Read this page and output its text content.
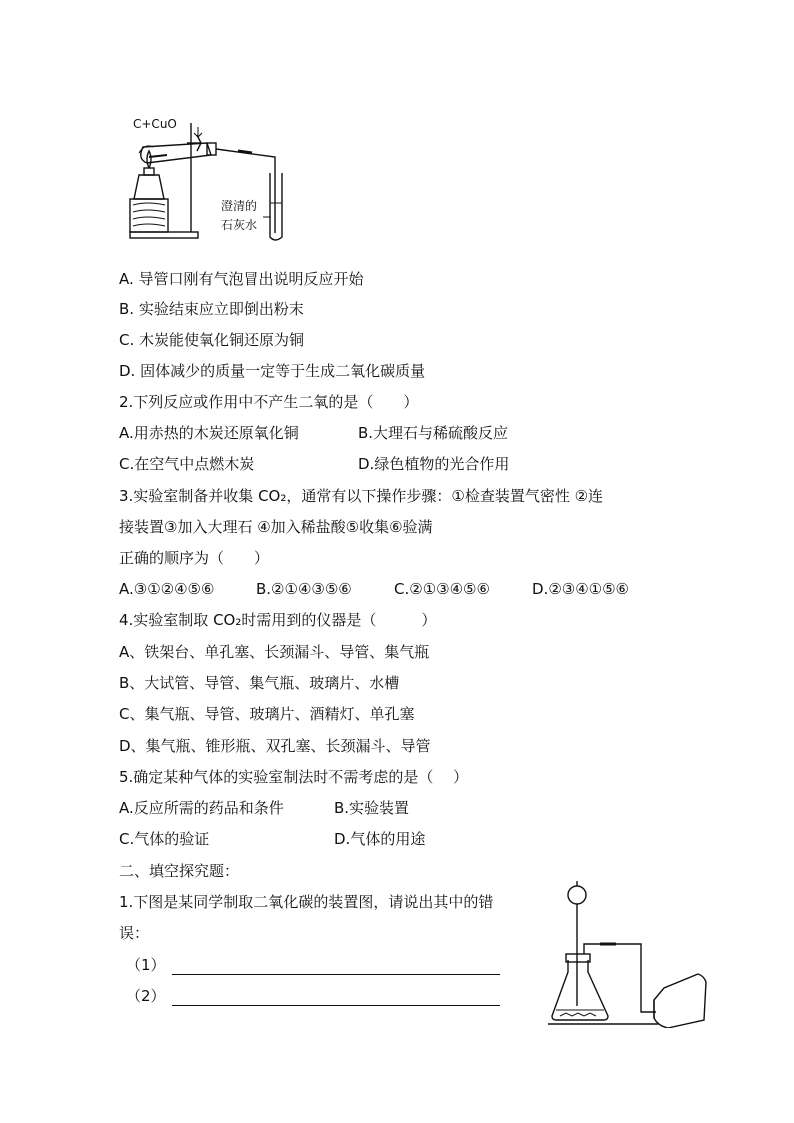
C+CuO
澄清的
石灰水
A. 导管口刚有气泡冒出说明反应开始
B. 实验结束应立即倒出粉末
C. 木炭能使氧化铜还原为铜
D. 固体减少的质量一定等于生成二氧化碳质量
2.下列反应或作用中不产生二氧的是（　　）
A.用赤热的木炭还原氧化铜	B.大理石与稀硫酸反应
C.在空气中点燃木炭	D.绿色植物的光合作用
3.实验室制备并收集 CO₂，通常有以下操作步骤：①检查装置气密性 ②连
接装置③加入大理石 ④加入稀盐酸⑤收集⑥验满
正确的顺序为（　　）
A.③①②④⑤⑥	B.②①④③⑤⑥	C.②①③④⑤⑥	D.②③④①⑤⑥
4.实验室制取 CO₂时需用到的仪器是（　　　）
A、铁架台、单孔塞、长颈漏斗、导管、集气瓶
B、大试管、导管、集气瓶、玻璃片、水槽
C、集气瓶、导管、玻璃片、酒精灯、单孔塞
D、集气瓶、锥形瓶、双孔塞、长颈漏斗、导管
5.确定某种气体的实验室制法时不需考虑的是（　 ）
A.反应所需的药品和条件	B.实验装置
C.气体的验证	D.气体的用途
二、填空探究题：
1.下图是某同学制取二氧化碳的装置图，请说出其中的错
误：
（1）
（2）
